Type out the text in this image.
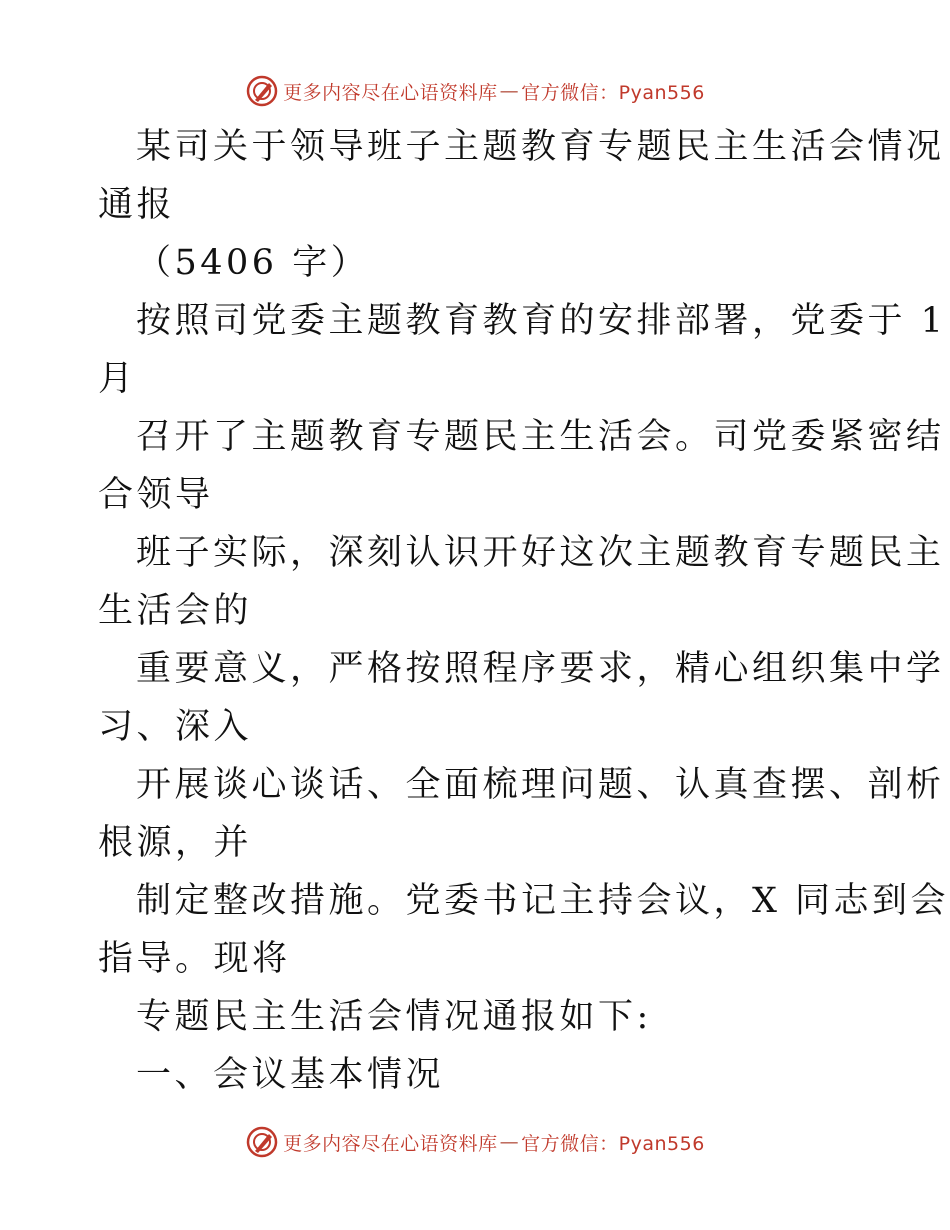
更多内容尽在心语资料库 — 官方微信：Pyan556
某司关于领导班子主题教育专题民主生活会情况
通报
（5406 字）
按照司党委主题教育教育的安排部署，党委于 1
月
召开了主题教育专题民主生活会。司党委紧密结
合领导
班子实际，深刻认识开好这次主题教育专题民主
生活会的
重要意义，严格按照程序要求，精心组织集中学
习、深入
开展谈心谈话、全面梳理问题、认真查摆、剖析
根源，并
制定整改措施。党委书记主持会议，X 同志到会
指导。现将
专题民主生活会情况通报如下:
一、会议基本情况
更多内容尽在心语资料库 — 官方微信：Pyan556
